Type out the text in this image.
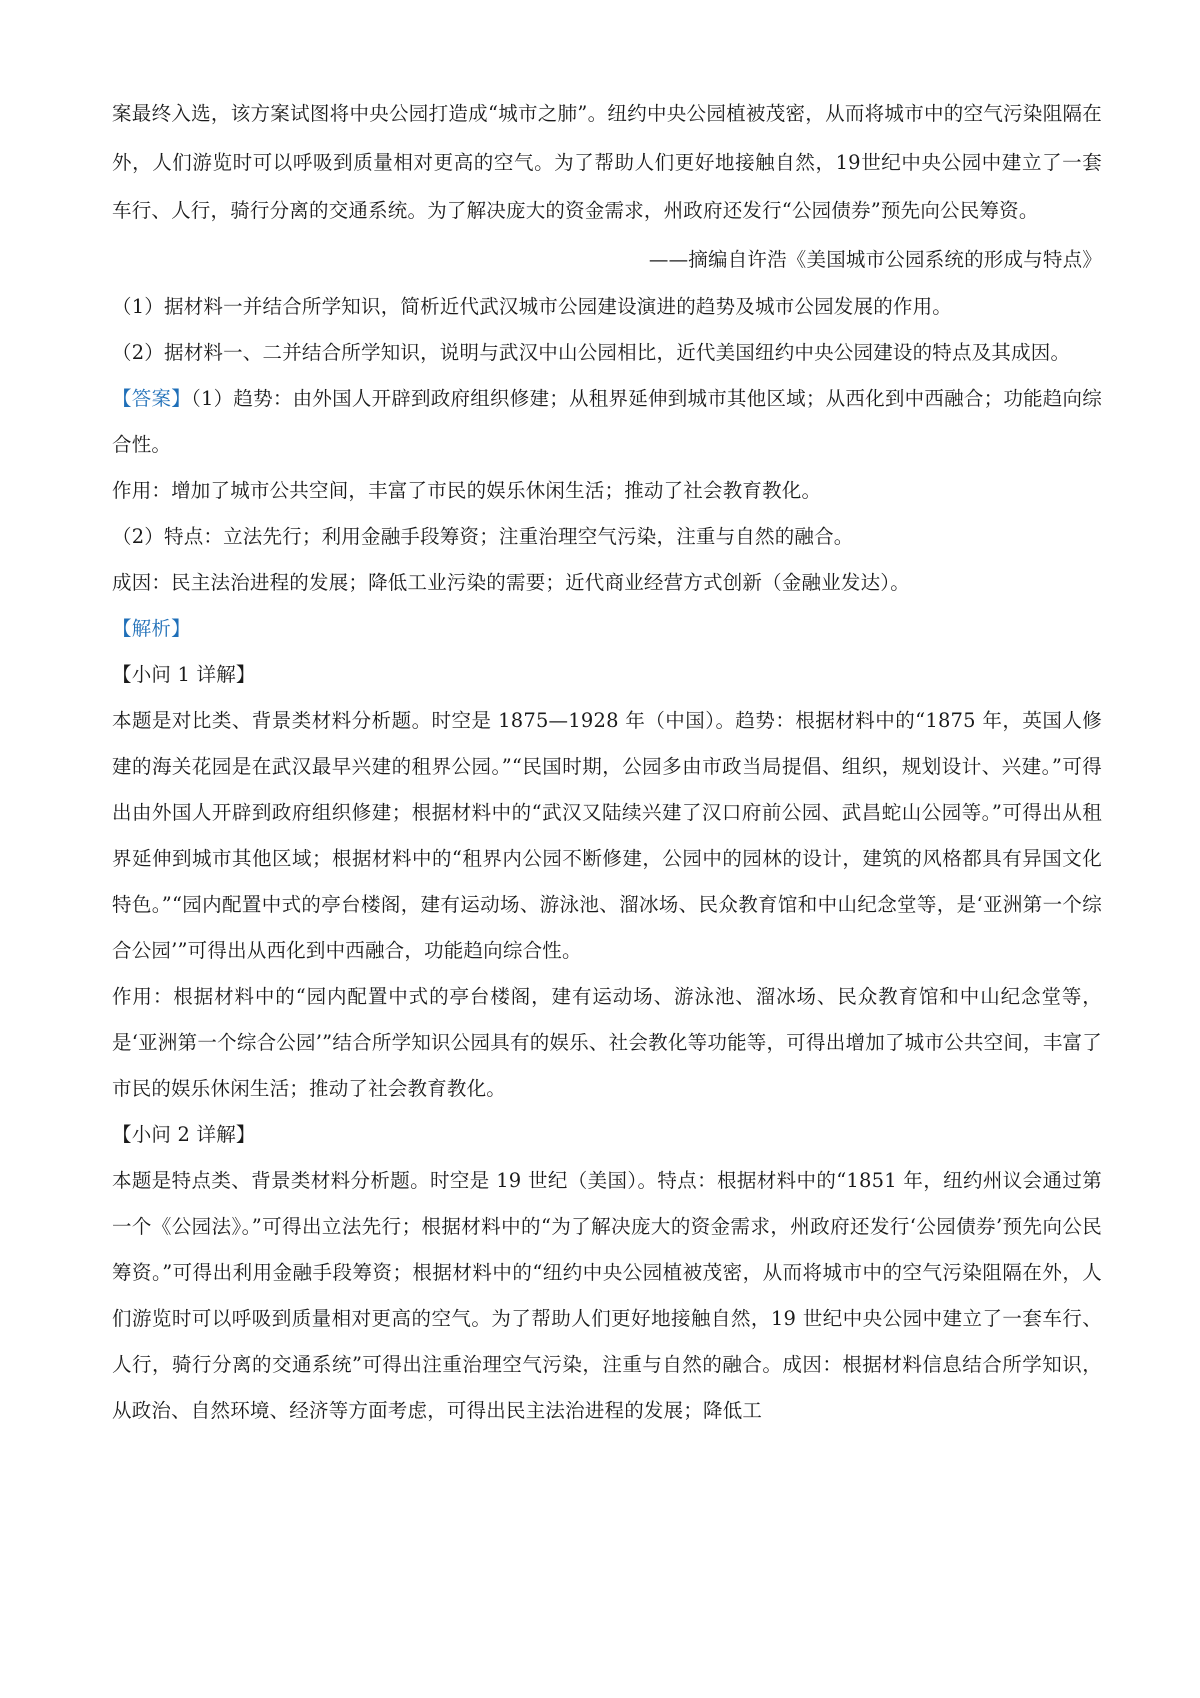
案最终入选，该方案试图将中央公园打造成“城市之肺”。纽约中央公园植被茂密，从而将城市中的空气污染阻隔在外，人们游览时可以呼吸到质量相对更高的空气。为了帮助人们更好地接触自然，19世纪中央公园中建立了一套车行、人行，骑行分离的交通系统。为了解决庞大的资金需求，州政府还发行“公园债券”预先向公民筹资。

——摘编自许浩《美国城市公园系统的形成与特点》

（1）据材料一并结合所学知识，简析近代武汉城市公园建设演进的趋势及城市公园发展的作用。

（2）据材料一、二并结合所学知识，说明与武汉中山公园相比，近代美国纽约中央公园建设的特点及其成因。

【答案】（1）趋势：由外国人开辟到政府组织修建；从租界延伸到城市其他区域；从西化到中西融合；功能趋向综合性。

作用：增加了城市公共空间，丰富了市民的娱乐休闲生活；推动了社会教育教化。

（2）特点：立法先行；利用金融手段筹资；注重治理空气污染，注重与自然的融合。

成因：民主法治进程的发展；降低工业污染的需要；近代商业经营方式创新（金融业发达）。

【解析】

【小问 1 详解】

本题是对比类、背景类材料分析题。时空是 1875—1928 年（中国）。趋势：根据材料中的“1875 年，英国人修建的海关花园是在武汉最早兴建的租界公园。”“民国时期，公园多由市政当局提倡、组织，规划设计、兴建。”可得出由外国人开辟到政府组织修建；根据材料中的“武汉又陆续兴建了汉口府前公园、武昌蛇山公园等。”可得出从租界延伸到城市其他区域；根据材料中的“租界内公园不断修建，公园中的园林的设计，建筑的风格都具有异国文化特色。”“园内配置中式的亭台楼阁，建有运动场、游泳池、溜冰场、民众教育馆和中山纪念堂等，是‘亚洲第一个综合公园’”可得出从西化到中西融合，功能趋向综合性。

作用：根据材料中的“园内配置中式的亭台楼阁，建有运动场、游泳池、溜冰场、民众教育馆和中山纪念堂等，是‘亚洲第一个综合公园’”结合所学知识公园具有的娱乐、社会教化等功能等，可得出增加了城市公共空间，丰富了市民的娱乐休闲生活；推动了社会教育教化。

【小问 2 详解】

本题是特点类、背景类材料分析题。时空是 19 世纪（美国）。特点：根据材料中的“1851 年，纽约州议会通过第一个《公园法》。”可得出立法先行；根据材料中的“为了解决庞大的资金需求，州政府还发行‘公园债券’预先向公民筹资。”可得出利用金融手段筹资；根据材料中的“纽约中央公园植被茂密，从而将城市中的空气污染阻隔在外，人们游览时可以呼吸到质量相对更高的空气。为了帮助人们更好地接触自然，19 世纪中央公园中建立了一套车行、人行，骑行分离的交通系统”可得出注重治理空气污染，注重与自然的融合。成因：根据材料信息结合所学知识，从政治、自然环境、经济等方面考虑，可得出民主法治进程的发展；降低工
